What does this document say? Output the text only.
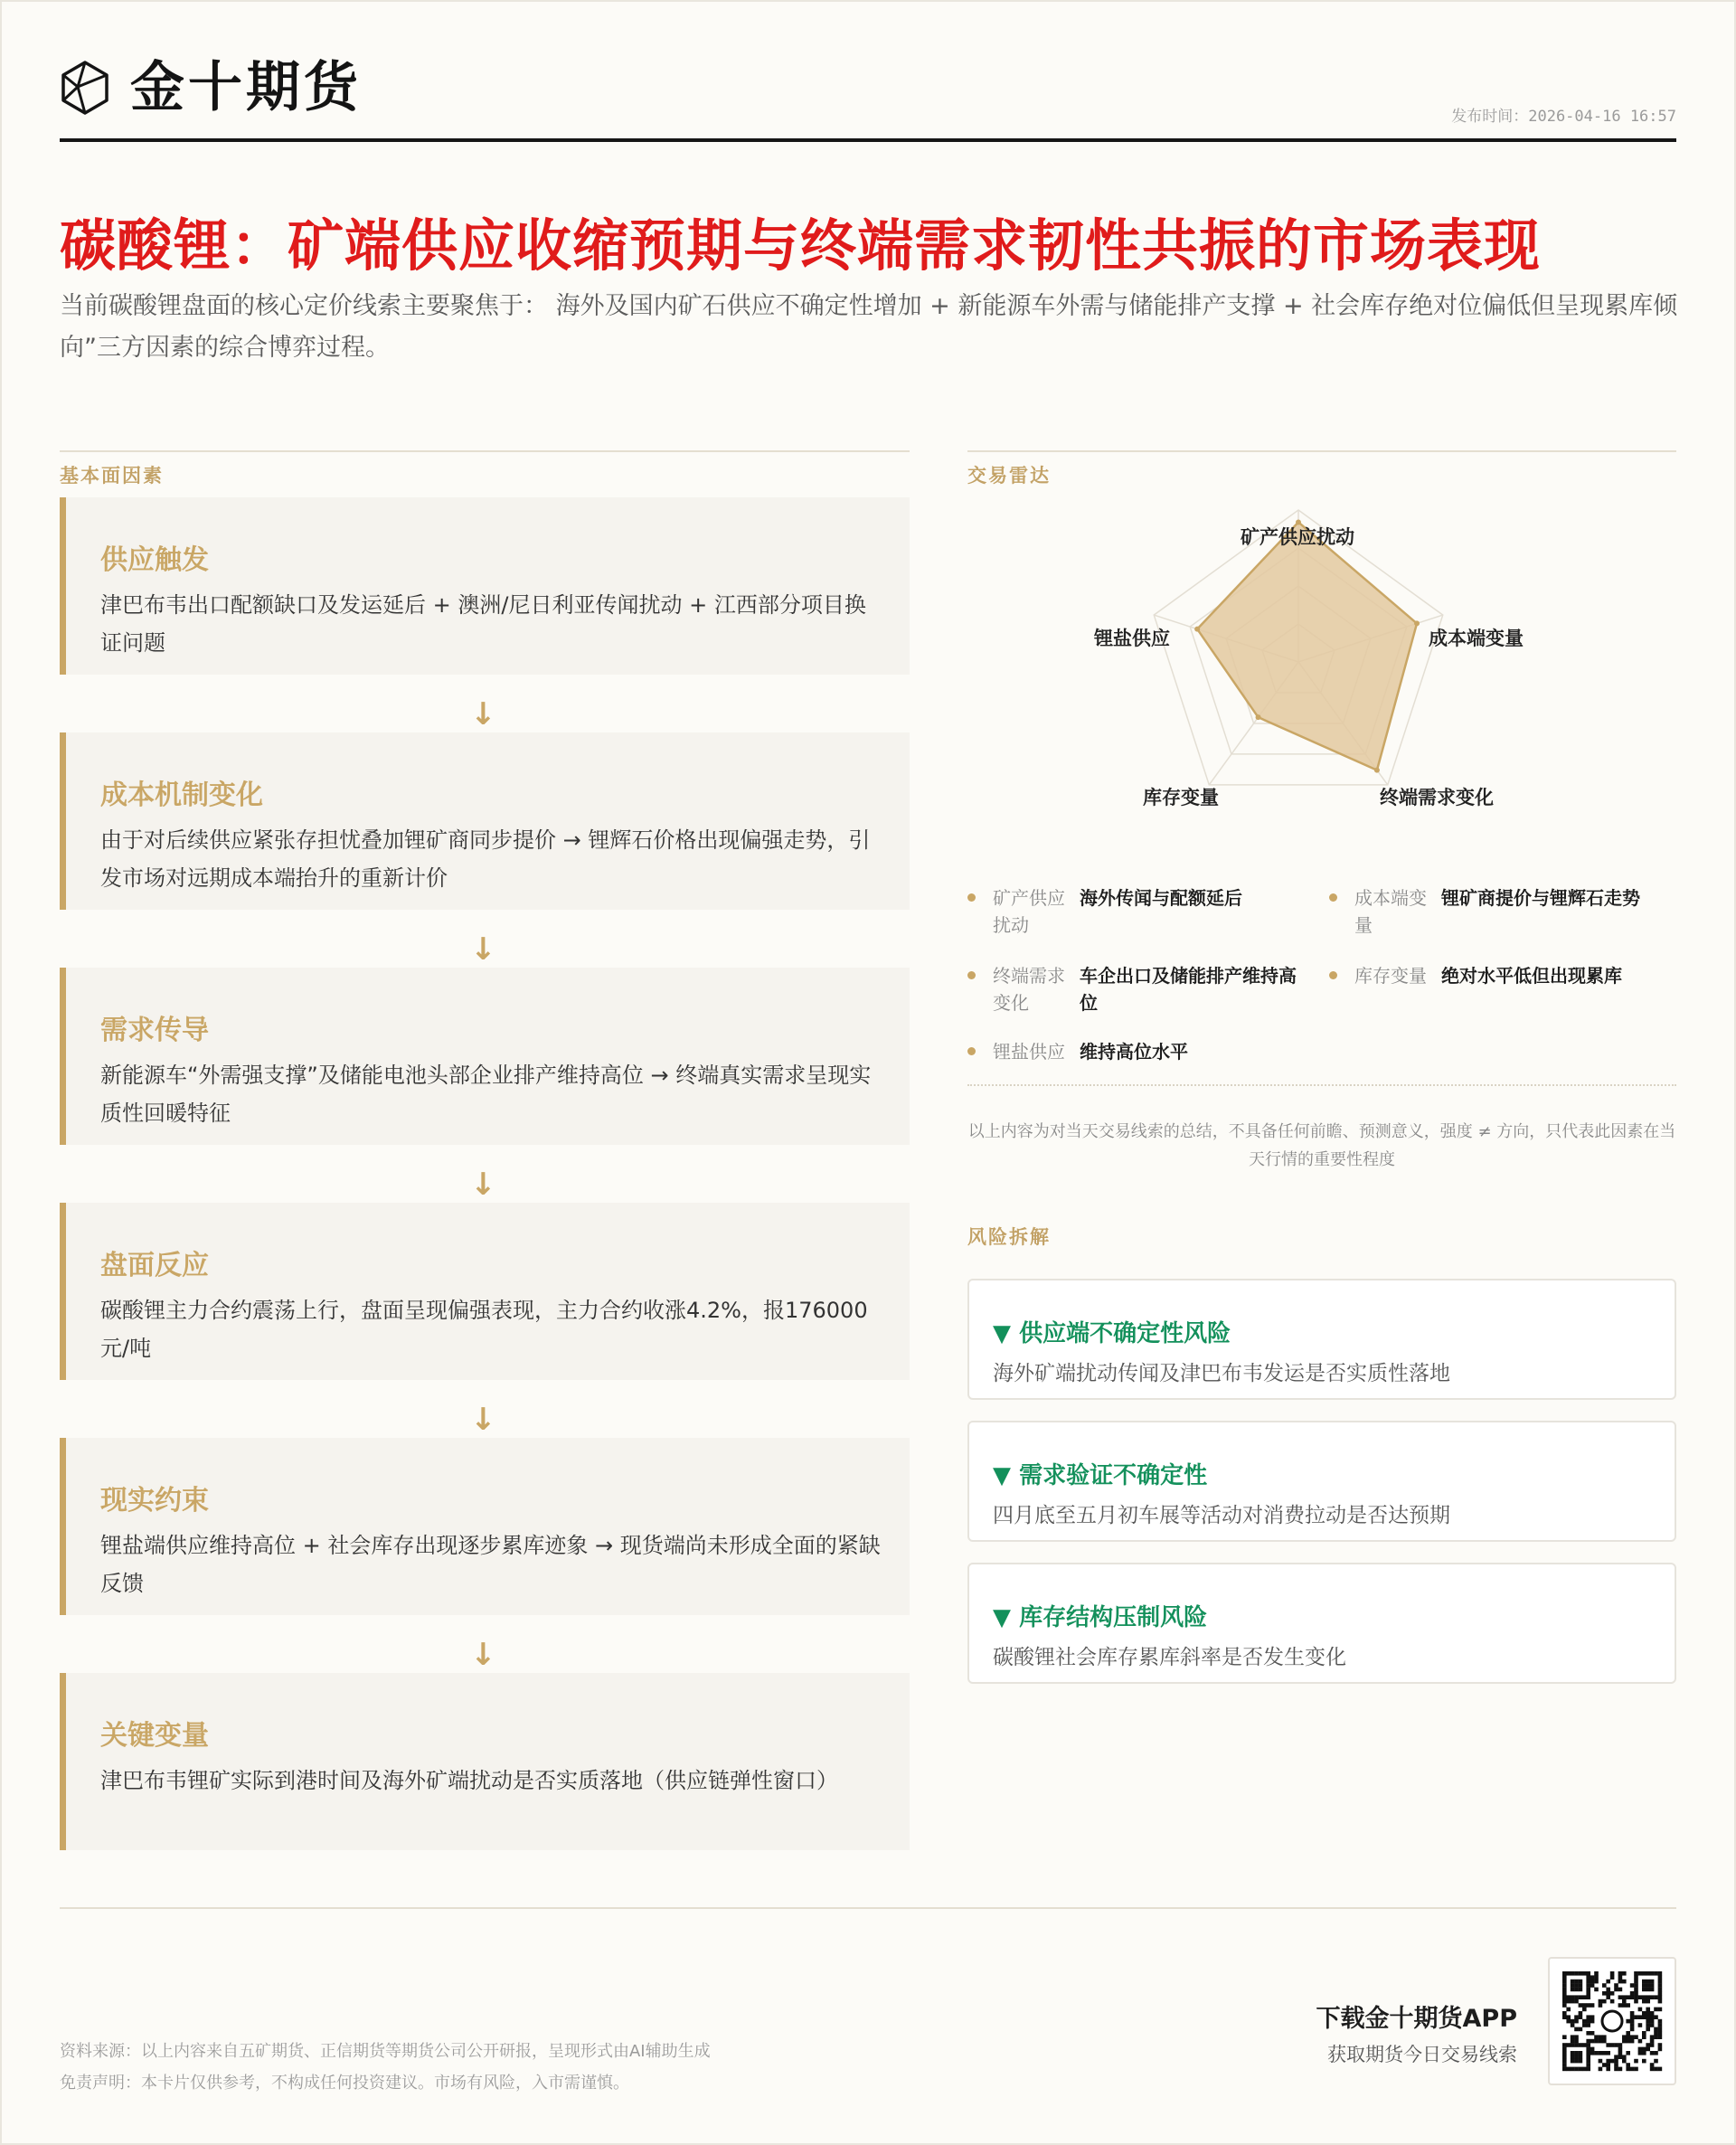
金十期货	发布时间：2026-04-16 16:57
碳酸锂：矿端供应收缩预期与终端需求韧性共振的市场表现
当前碳酸锂盘面的核心定价线索主要聚焦于： 海外及国内矿石供应不确定性增加 + 新能源车外需与储能排产支撑 + 社会库存绝对位偏低但呈现累库倾向”三方因素的综合博弈过程。
基本面因素
供应触发
津巴布韦出口配额缺口及发运延后 + 澳洲/尼日利亚传闻扰动 + 江西部分项目换证问题
↓
成本机制变化
由于对后续供应紧张存担忧叠加锂矿商同步提价 → 锂辉石价格出现偏强走势，引发市场对远期成本端抬升的重新计价
↓
需求传导
新能源车“外需强支撑”及储能电池头部企业排产维持高位 → 终端真实需求呈现实质性回暖特征
↓
盘面反应
碳酸锂主力合约震荡上行，盘面呈现偏强表现，主力合约收涨4.2%，报176000元/吨
↓
现实约束
锂盐端供应维持高位 + 社会库存出现逐步累库迹象 → 现货端尚未形成全面的紧缺反馈
↓
关键变量
津巴布韦锂矿实际到港时间及海外矿端扰动是否实质落地（供应链弹性窗口）
交易雷达
矿产供应扰动
成本端变量
终端需求变化
库存变量
锂盐供应
矿产供应扰动
海外传闻与配额延后	成本端变量
锂矿商提价与锂辉石走势
终端需求变化
车企出口及储能排产维持高位
库存变量 绝对水平低但出现累库
锂盐供应 维持高位水平
以上内容为对当天交易线索的总结，不具备任何前瞻、预测意义，强度 ≠ 方向，只代表此因素在当天行情的重要性程度
风险拆解
▼ 供应端不确定性风险
海外矿端扰动传闻及津巴布韦发运是否实质性落地
▼ 需求验证不确定性
四月底至五月初车展等活动对消费拉动是否达预期
▼ 库存结构压制风险
碳酸锂社会库存累库斜率是否发生变化
资料来源：以上内容来自五矿期货、正信期货等期货公司公开研报，呈现形式由AI辅助生成
免责声明：本卡片仅供参考，不构成任何投资建议。市场有风险，入市需谨慎。
下载金十期货APP
获取期货今日交易线索
